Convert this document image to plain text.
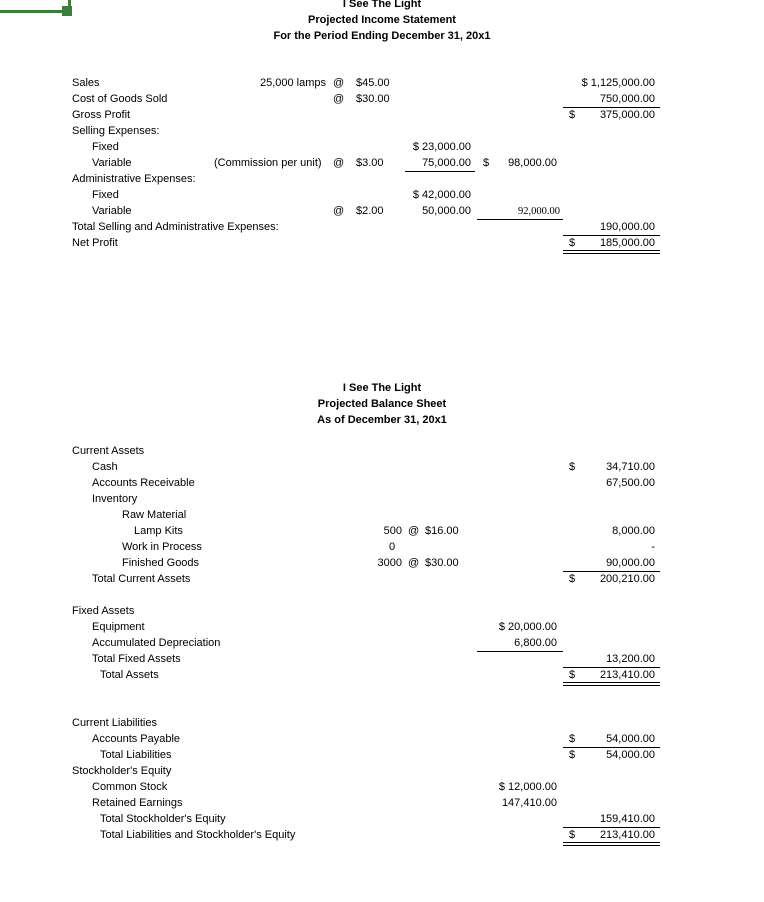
I See The Light
Projected Income Statement
For the Period Ending December 31, 20x1
Sales	25,000 lamps @ $45.00	$ 1,125,000.00
Cost of Goods Sold	@ $30.00	750,000.00
Gross Profit	$	375,000.00
Selling Expenses:
Fixed	$ 23,000.00
Variable	(Commission per unit) @ $3.00	75,000.00 $	98,000.00
Administrative Expenses:
Fixed	$ 42,000.00
Variable	@ $2.00	50,000.00	92,000.00
Total Selling and Administrative Expenses:	190,000.00
Net Profit	$	185,000.00
I See The Light
Projected Balance Sheet
As of December 31, 20x1
Current Assets
Cash	$	34,710.00
Accounts Receivable	67,500.00
Inventory
Raw Material
Lamp Kits	500 @ $16.00	8,000.00
Work in Process	0	-
Finished Goods	3000 @ $30.00	90,000.00
Total Current Assets	$	200,210.00
Fixed Assets
Equipment	$ 20,000.00
Accumulated Depreciation	6,800.00
Total Fixed Assets	13,200.00
Total Assets	$	213,410.00
Current Liabilities
Accounts Payable	$	54,000.00
Total Liabilities	$	54,000.00
Stockholder's Equity
Common Stock	$ 12,000.00
Retained Earnings	147,410.00
Total Stockholder's Equity	159,410.00
Total Liabilities and Stockholder's Equity	$	213,410.00
